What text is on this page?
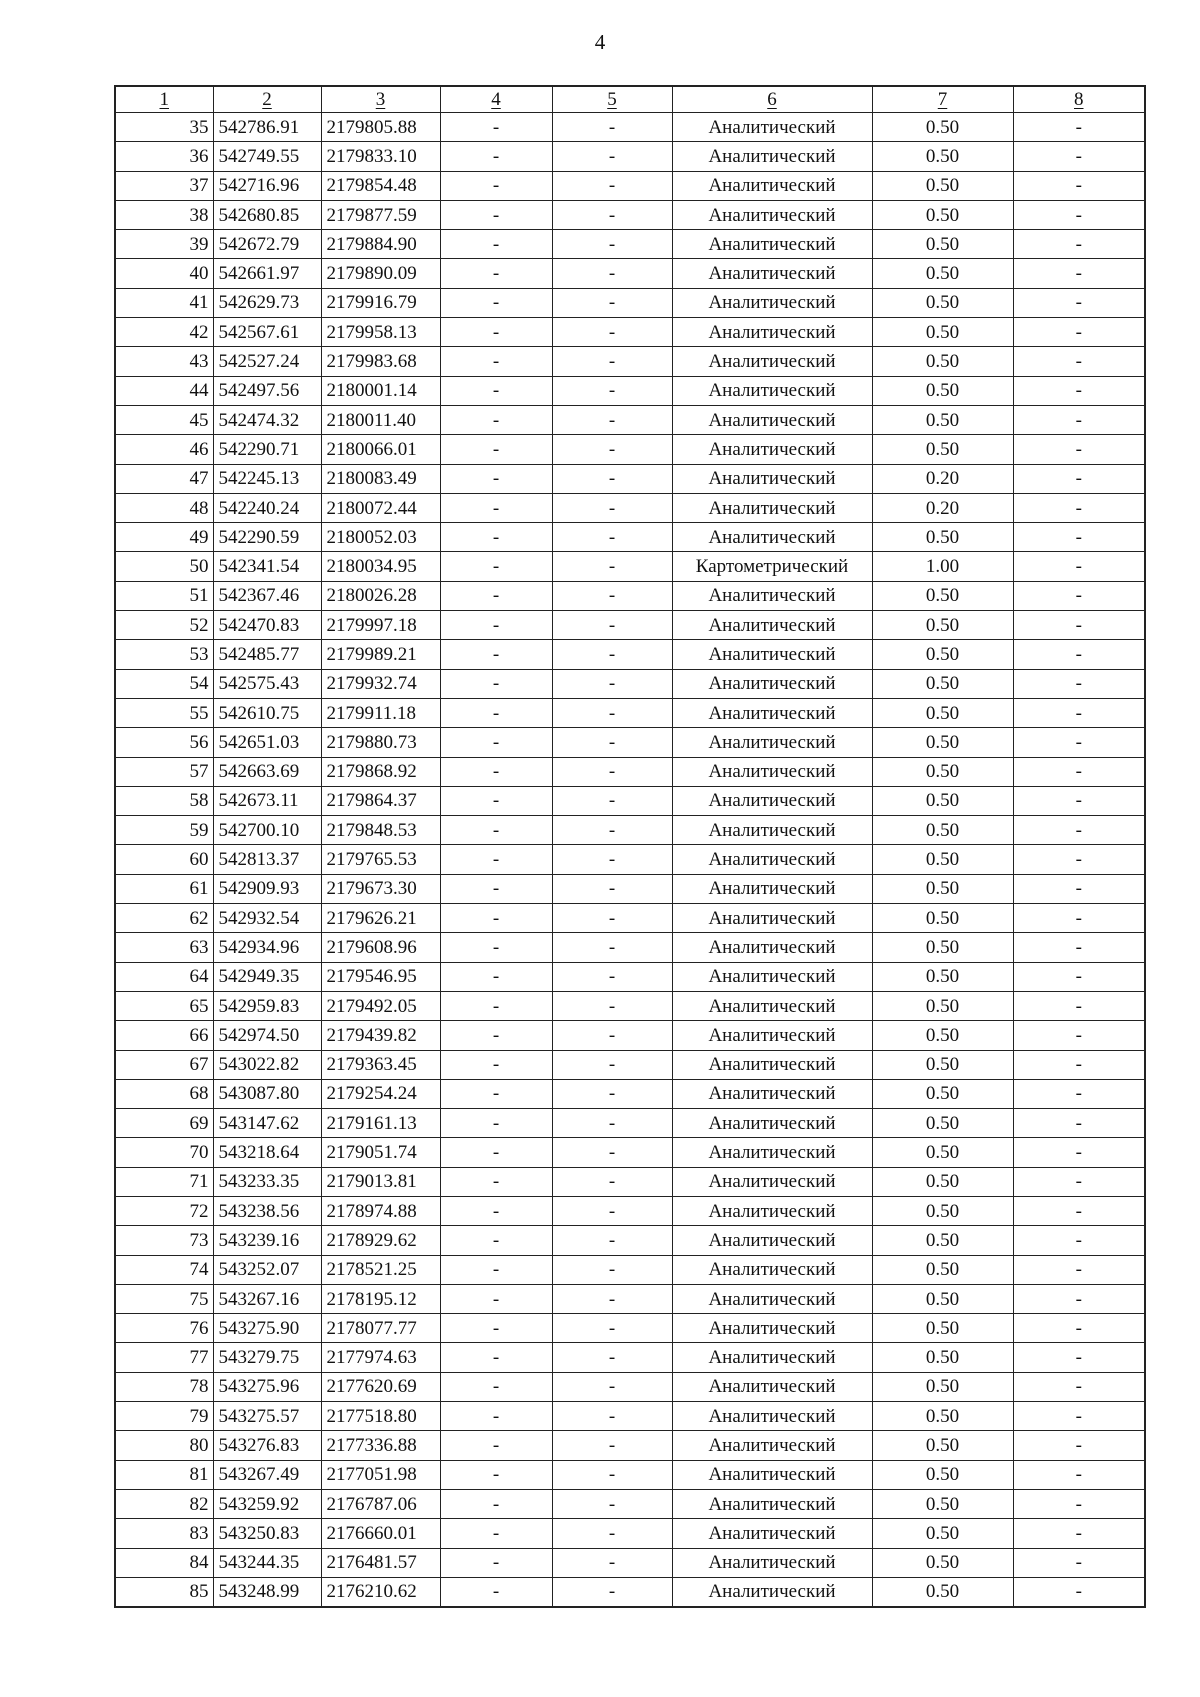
4
1	2	3	4	5	6	7	8
35	542786.91	2179805.88	-	-	Аналитический	0.50	-
36	542749.55	2179833.10	-	-	Аналитический	0.50	-
37	542716.96	2179854.48	-	-	Аналитический	0.50	-
38	542680.85	2179877.59	-	-	Аналитический	0.50	-
39	542672.79	2179884.90	-	-	Аналитический	0.50	-
40	542661.97	2179890.09	-	-	Аналитический	0.50	-
41	542629.73	2179916.79	-	-	Аналитический	0.50	-
42	542567.61	2179958.13	-	-	Аналитический	0.50	-
43	542527.24	2179983.68	-	-	Аналитический	0.50	-
44	542497.56	2180001.14	-	-	Аналитический	0.50	-
45	542474.32	2180011.40	-	-	Аналитический	0.50	-
46	542290.71	2180066.01	-	-	Аналитический	0.50	-
47	542245.13	2180083.49	-	-	Аналитический	0.20	-
48	542240.24	2180072.44	-	-	Аналитический	0.20	-
49	542290.59	2180052.03	-	-	Аналитический	0.50	-
50	542341.54	2180034.95	-	-	Картометрический	1.00	-
51	542367.46	2180026.28	-	-	Аналитический	0.50	-
52	542470.83	2179997.18	-	-	Аналитический	0.50	-
53	542485.77	2179989.21	-	-	Аналитический	0.50	-
54	542575.43	2179932.74	-	-	Аналитический	0.50	-
55	542610.75	2179911.18	-	-	Аналитический	0.50	-
56	542651.03	2179880.73	-	-	Аналитический	0.50	-
57	542663.69	2179868.92	-	-	Аналитический	0.50	-
58	542673.11	2179864.37	-	-	Аналитический	0.50	-
59	542700.10	2179848.53	-	-	Аналитический	0.50	-
60	542813.37	2179765.53	-	-	Аналитический	0.50	-
61	542909.93	2179673.30	-	-	Аналитический	0.50	-
62	542932.54	2179626.21	-	-	Аналитический	0.50	-
63	542934.96	2179608.96	-	-	Аналитический	0.50	-
64	542949.35	2179546.95	-	-	Аналитический	0.50	-
65	542959.83	2179492.05	-	-	Аналитический	0.50	-
66	542974.50	2179439.82	-	-	Аналитический	0.50	-
67	543022.82	2179363.45	-	-	Аналитический	0.50	-
68	543087.80	2179254.24	-	-	Аналитический	0.50	-
69	543147.62	2179161.13	-	-	Аналитический	0.50	-
70	543218.64	2179051.74	-	-	Аналитический	0.50	-
71	543233.35	2179013.81	-	-	Аналитический	0.50	-
72	543238.56	2178974.88	-	-	Аналитический	0.50	-
73	543239.16	2178929.62	-	-	Аналитический	0.50	-
74	543252.07	2178521.25	-	-	Аналитический	0.50	-
75	543267.16	2178195.12	-	-	Аналитический	0.50	-
76	543275.90	2178077.77	-	-	Аналитический	0.50	-
77	543279.75	2177974.63	-	-	Аналитический	0.50	-
78	543275.96	2177620.69	-	-	Аналитический	0.50	-
79	543275.57	2177518.80	-	-	Аналитический	0.50	-
80	543276.83	2177336.88	-	-	Аналитический	0.50	-
81	543267.49	2177051.98	-	-	Аналитический	0.50	-
82	543259.92	2176787.06	-	-	Аналитический	0.50	-
83	543250.83	2176660.01	-	-	Аналитический	0.50	-
84	543244.35	2176481.57	-	-	Аналитический	0.50	-
85	543248.99	2176210.62	-	-	Аналитический	0.50	-
